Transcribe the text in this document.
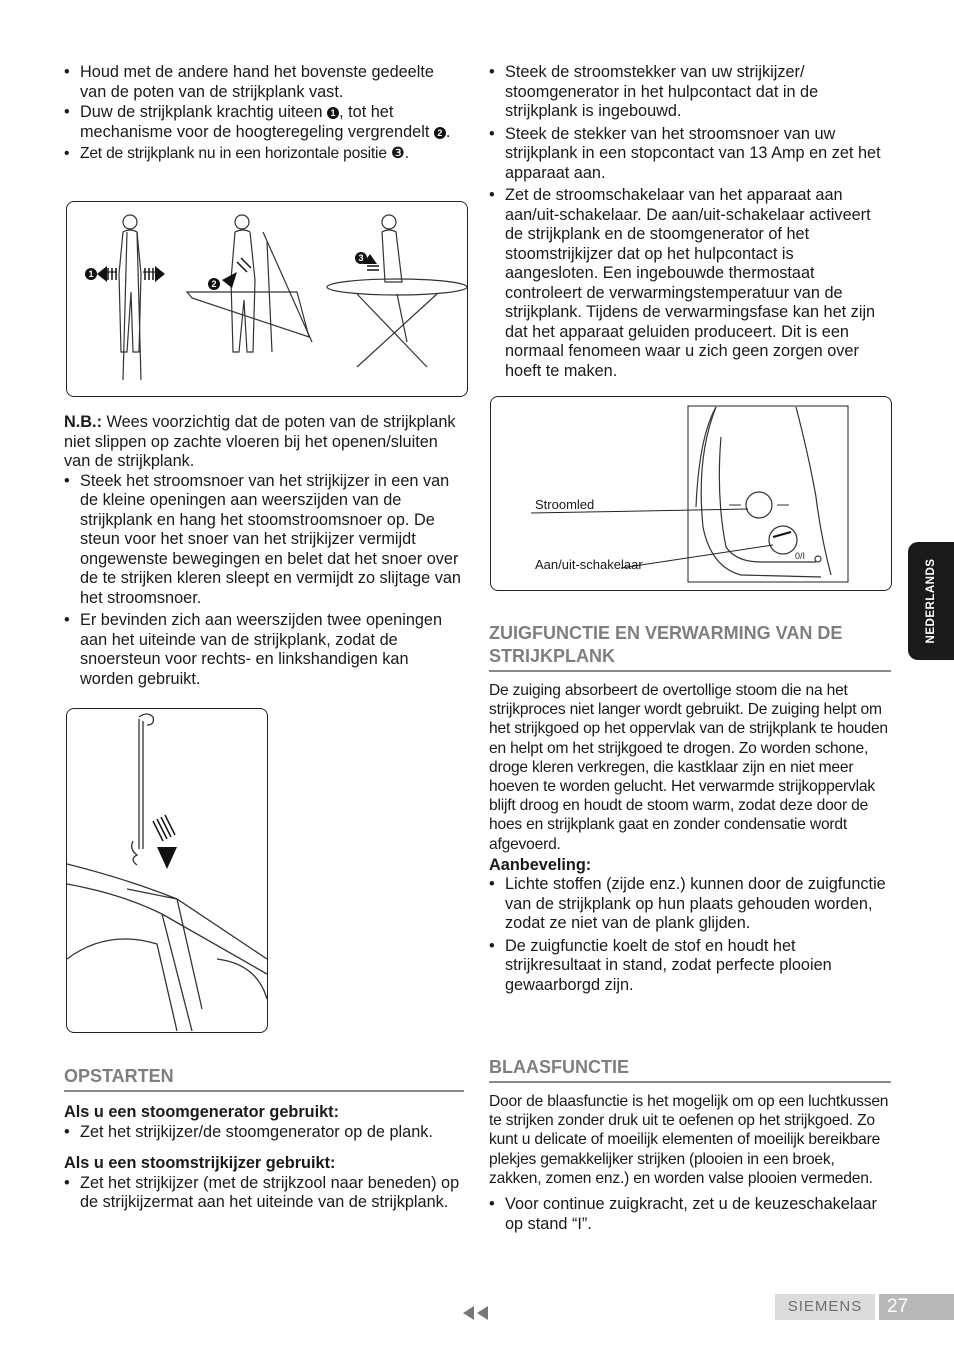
• Houd met de andere hand het bovenste gedeelte van de poten van de strijkplank vast.
• Duw de strijkplank krachtig uiteen 1 , tot het mechanisme voor de hoogteregeling vergrendelt 2 .
• Zet de strijkplank nu in een horizontale positie ❸.
1
2
3

N.B.: Wees voorzichtig dat de poten van de strijkplank niet slippen op zachte vloeren bij het openen/sluiten van de strijkplank.

• Steek het stroomsnoer van het strijkijzer in een van de kleine openingen aan weerszijden van de strijkplank en hang het stoomstroomsnoer op. De steun voor het snoer van het strijkijzer vermijdt ongewenste bewegingen en belet dat het snoer over de te strijken kleren sleept en vermijdt zo slijtage van het stroomsnoer.
• Er bevinden zich aan weerszijden twee openingen aan het uiteinde van de strijkplank, zodat de snoersteun voor rechts- en linkshandigen kan worden gebruikt.
OPSTARTEN

Als u een stoomgenerator gebruikt:

• Zet het strijkijzer/de stoomgenerator op de plank.

Als u een stoomstrijkijzer gebruikt:

• Zet het strijkijzer (met de strijkzool naar beneden) op de strijkijzermat aan het uiteinde van de strijkplank.
• Steek de stroomstekker van uw strijkijzer/ stoomgenerator in het hulpcontact dat in de strijkplank is ingebouwd.
• Steek de stekker van het stroomsnoer van uw strijkplank in een stopcontact van 13 Amp en zet het apparaat aan.
• Zet de stroomschakelaar van het apparaat aan aan/uit-schakelaar. De aan/uit-schakelaar activeert de strijkplank en de stoomgenerator of het stoomstrijkijzer dat op het hulpcontact is aangesloten. Een ingebouwde thermostaat controleert de verwarmingstemperatuur van de strijkplank. Tijdens de verwarmingsfase kan het zijn dat het apparaat geluiden produceert. Dit is een normaal fenomeen waar u zich geen zorgen over hoeft te maken.
Stroomled
Aan/uit-schakelaar
0/I
ZUIGFUNCTIE EN VERWARMING VAN DE STRIJKPLANK

De zuiging absorbeert de overtollige stoom die na het strijkproces niet langer wordt gebruikt. De zuiging helpt om het strijkgoed op het oppervlak van de strijkplank te houden en helpt om het strijkgoed te drogen. Zo worden schone, droge kleren verkregen, die kastklaar zijn en niet meer hoeven te worden gelucht. Het verwarmde strijkoppervlak blijft droog en houdt de stoom warm, zodat deze door de hoes en strijkplank gaat en zonder condensatie wordt afgevoerd.

Aanbeveling:

• Lichte stoffen (zijde enz.) kunnen door de zuigfunctie van de strijkplank op hun plaats gehouden worden, zodat ze niet van de plank glijden.
• De zuigfunctie koelt de stof en houdt het strijkresultaat in stand, zodat perfecte plooien gewaarborgd zijn.
BLAASFUNCTIE

Door de blaasfunctie is het mogelijk om op een luchtkussen te strijken zonder druk uit te oefenen op het strijkgoed. Zo kunt u delicate of moeilijk elementen of moeilijk bereikbare plekjes gemakkelijker strijken (plooien in een broek, zakken, zomen enz.) en worden valse plooien vermeden.

• Voor continue zuigkracht, zet u de keuzeschakelaar op stand “I”.
NEDERLANDS
SIEMENS	27
